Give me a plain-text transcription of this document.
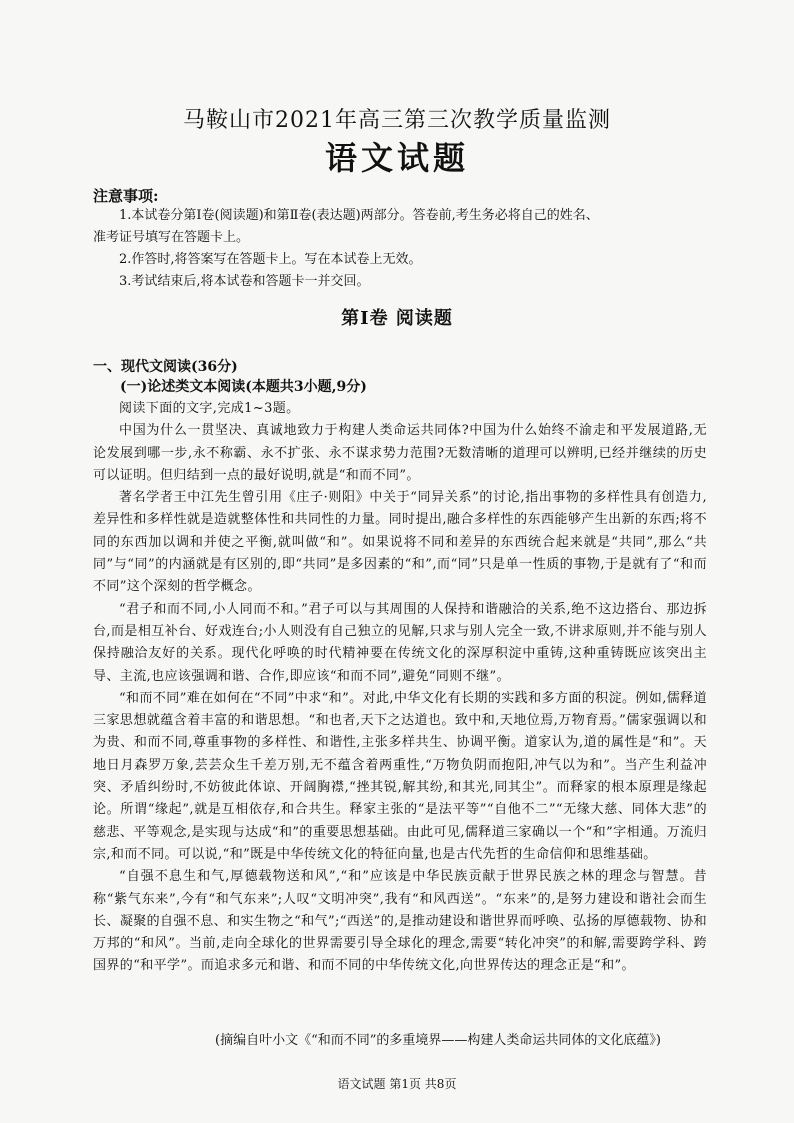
马鞍山市2021年高三第三次教学质量监测
语文试题
注意事项:

1.本试卷分第Ⅰ卷(阅读题)和第Ⅱ卷(表达题)两部分。答卷前,考生务必将自己的姓名、

准考证号填写在答题卡上。

2.作答时,将答案写在答题卡上。写在本试卷上无效。

3.考试结束后,将本试卷和答题卡一并交回。

第Ⅰ卷 阅读题
一、现代文阅读(36分)
(一)论述类文本阅读(本题共3小题,9分)

阅读下面的文字,完成1~3题。

中国为什么一贯坚决、真诚地致力于构建人类命运共同体?中国为什么始终不渝走和平发展道路,无论发展到哪一步,永不称霸、永不扩张、永不谋求势力范围?无数清晰的道理可以辨明,已经并继续的历史可以证明。但归结到一点的最好说明,就是“和而不同”。

著名学者王中江先生曾引用《庄子·则阳》中关于“同异关系”的讨论,指出事物的多样性具有创造力,差异性和多样性就是造就整体性和共同性的力量。同时提出,融合多样性的东西能够产生出新的东西;将不同的东西加以调和并使之平衡,就叫做“和”。如果说将不同和差异的东西统合起来就是“共同”,那么“共同”与“同”的内涵就是有区别的,即“共同”是多因素的“和”,而“同”只是单一性质的事物,于是就有了“和而不同”这个深刻的哲学概念。

“君子和而不同,小人同而不和。”君子可以与其周围的人保持和谐融洽的关系,绝不这边搭台、那边拆台,而是相互补台、好戏连台;小人则没有自己独立的见解,只求与别人完全一致,不讲求原则,并不能与别人保持融洽友好的关系。现代化呼唤的时代精神要在传统文化的深厚积淀中重铸,这种重铸既应该突出主导、主流,也应该强调和谐、合作,即应该“和而不同”,避免“同则不继”。

“和而不同”难在如何在“不同”中求“和”。对此,中华文化有长期的实践和多方面的积淀。例如,儒释道三家思想就蕴含着丰富的和谐思想。“和也者,天下之达道也。致中和,天地位焉,万物育焉。”儒家强调以和为贵、和而不同,尊重事物的多样性、和谐性,主张多样共生、协调平衡。道家认为,道的属性是“和”。天地日月森罗万象,芸芸众生千差万别,无不蕴含着两重性,“万物负阴而抱阳,冲气以为和”。当产生利益冲突、矛盾纠纷时,不妨彼此体谅、开阔胸襟,“挫其锐,解其纷,和其光,同其尘”。而释家的根本原理是缘起论。所谓“缘起”,就是互相依存,和合共生。释家主张的“是法平等”“自他不二”“无缘大慈、同体大悲”的慈悲、平等观念,是实现与达成“和”的重要思想基础。由此可见,儒释道三家确以一个“和”字相通。万流归宗,和而不同。可以说,“和”既是中华传统文化的特征向量,也是古代先哲的生命信仰和思维基础。

“自强不息生和气,厚德载物送和风”,“和”应该是中华民族贡献于世界民族之林的理念与智慧。昔称“紫气东来”,今有“和气东来”;人叹“文明冲突”,我有“和风西送”。“东来”的,是努力建设和谐社会而生长、凝聚的自强不息、和实生物之“和气”;“西送”的,是推动建设和谐世界而呼唤、弘扬的厚德载物、协和万邦的“和风”。当前,走向全球化的世界需要引导全球化的理念,需要“转化冲突”的和解,需要跨学科、跨国界的“和平学”。而追求多元和谐、和而不同的中华传统文化,向世界传达的理念正是“和”。

(摘编自叶小文《“和而不同”的多重境界——构建人类命运共同体的文化底蕴》)
语文试题 第1页 共8页
